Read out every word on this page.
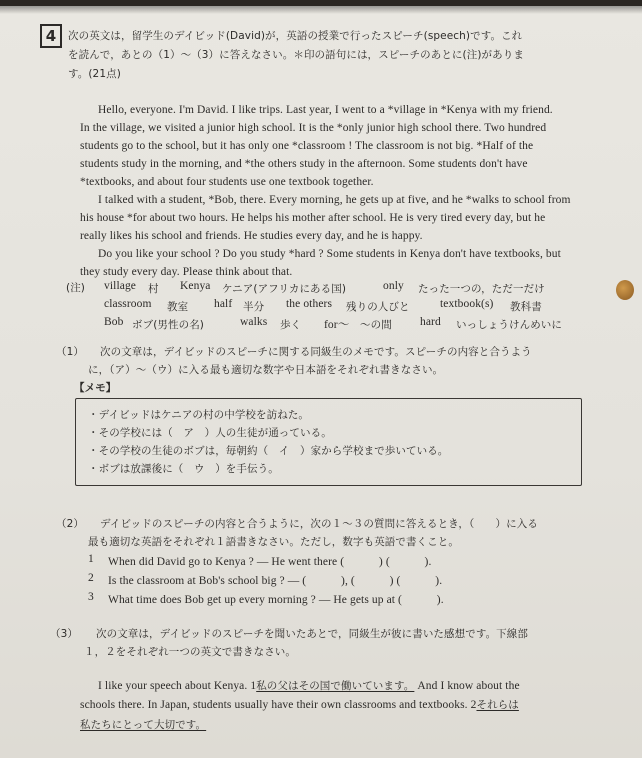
4	次の英文は，留学生のデイビッド(David)が，英語の授業で行ったスピーチ(speech)です。これ
を読んで，あとの（1）～（3）に答えなさい。＊印の語句には，スピーチのあとに(注)がありま
す。(21点)
Hello, everyone. I'm David. I like trips. Last year, I went to a *village in *Kenya with my friend.
In the village, we visited a junior high school. It is the *only junior high school there. Two hundred
students go to the school, but it has only one *classroom ! The classroom is not big. *Half of the
students study in the morning, and *the others study in the afternoon. Some students don't have
*textbooks, and about four students use one textbook together.
I talked with a student, *Bob, there. Every morning, he gets up at five, and he *walks to school from
his house *for about two hours. He helps his mother after school. He is very tired every day, but he
really likes his school and friends. He studies every day, and he is happy.
Do you like your school ? Do you study *hard ? Some students in Kenya don't have textbooks, but
they study every day. Please think about that.
(注) village 村 Kenya ケニア(アフリカにある国)	only たった一つの，ただ一だけ
classroom 教室 half 半分 the others 残りの人びと	textbook(s) 教科書
Bob ボブ(男性の名)	walks 歩く for～ ～の間 hard いっしょうけんめいに
（1） 次の文章は，デイビッドのスピーチに関する同級生のメモです。スピーチの内容と合うよう
に，（ア）～（ウ）に入る最も適切な数字や日本語をそれぞれ書きなさい。
【メモ】
・デイビッドはケニアの村の中学校を訪ねた。
・その学校には（　ア　）人の生徒が通っている。
・その学校の生徒のボブは，毎朝約（　イ　）家から学校まで歩いている。
・ボブは放課後に（　ウ　）を手伝う。
（2） デイビッドのスピーチの内容と合うように，次の１～３の質問に答えるとき，（　　）に入る
最も適切な英語をそれぞれ１語書きなさい。ただし，数字も英語で書くこと。
1 When did David go to Kenya ? — He went there (　　　) (　　　).
2 Is the classroom at Bob's school big ? — (　　　), (　　　) (　　　).
3 What time does Bob get up every morning ? — He gets up at (　　　).
（3） 次の文章は，デイビッドのスピーチを聞いたあとで，同級生が彼に書いた感想です。下線部
１，２をそれぞれ一つの英文で書きなさい。
I like your speech about Kenya. 1私の父はその国で働いています。 And I know about the
schools there. In Japan, students usually have their own classrooms and textbooks. 2それらは
私たちにとって大切です。
